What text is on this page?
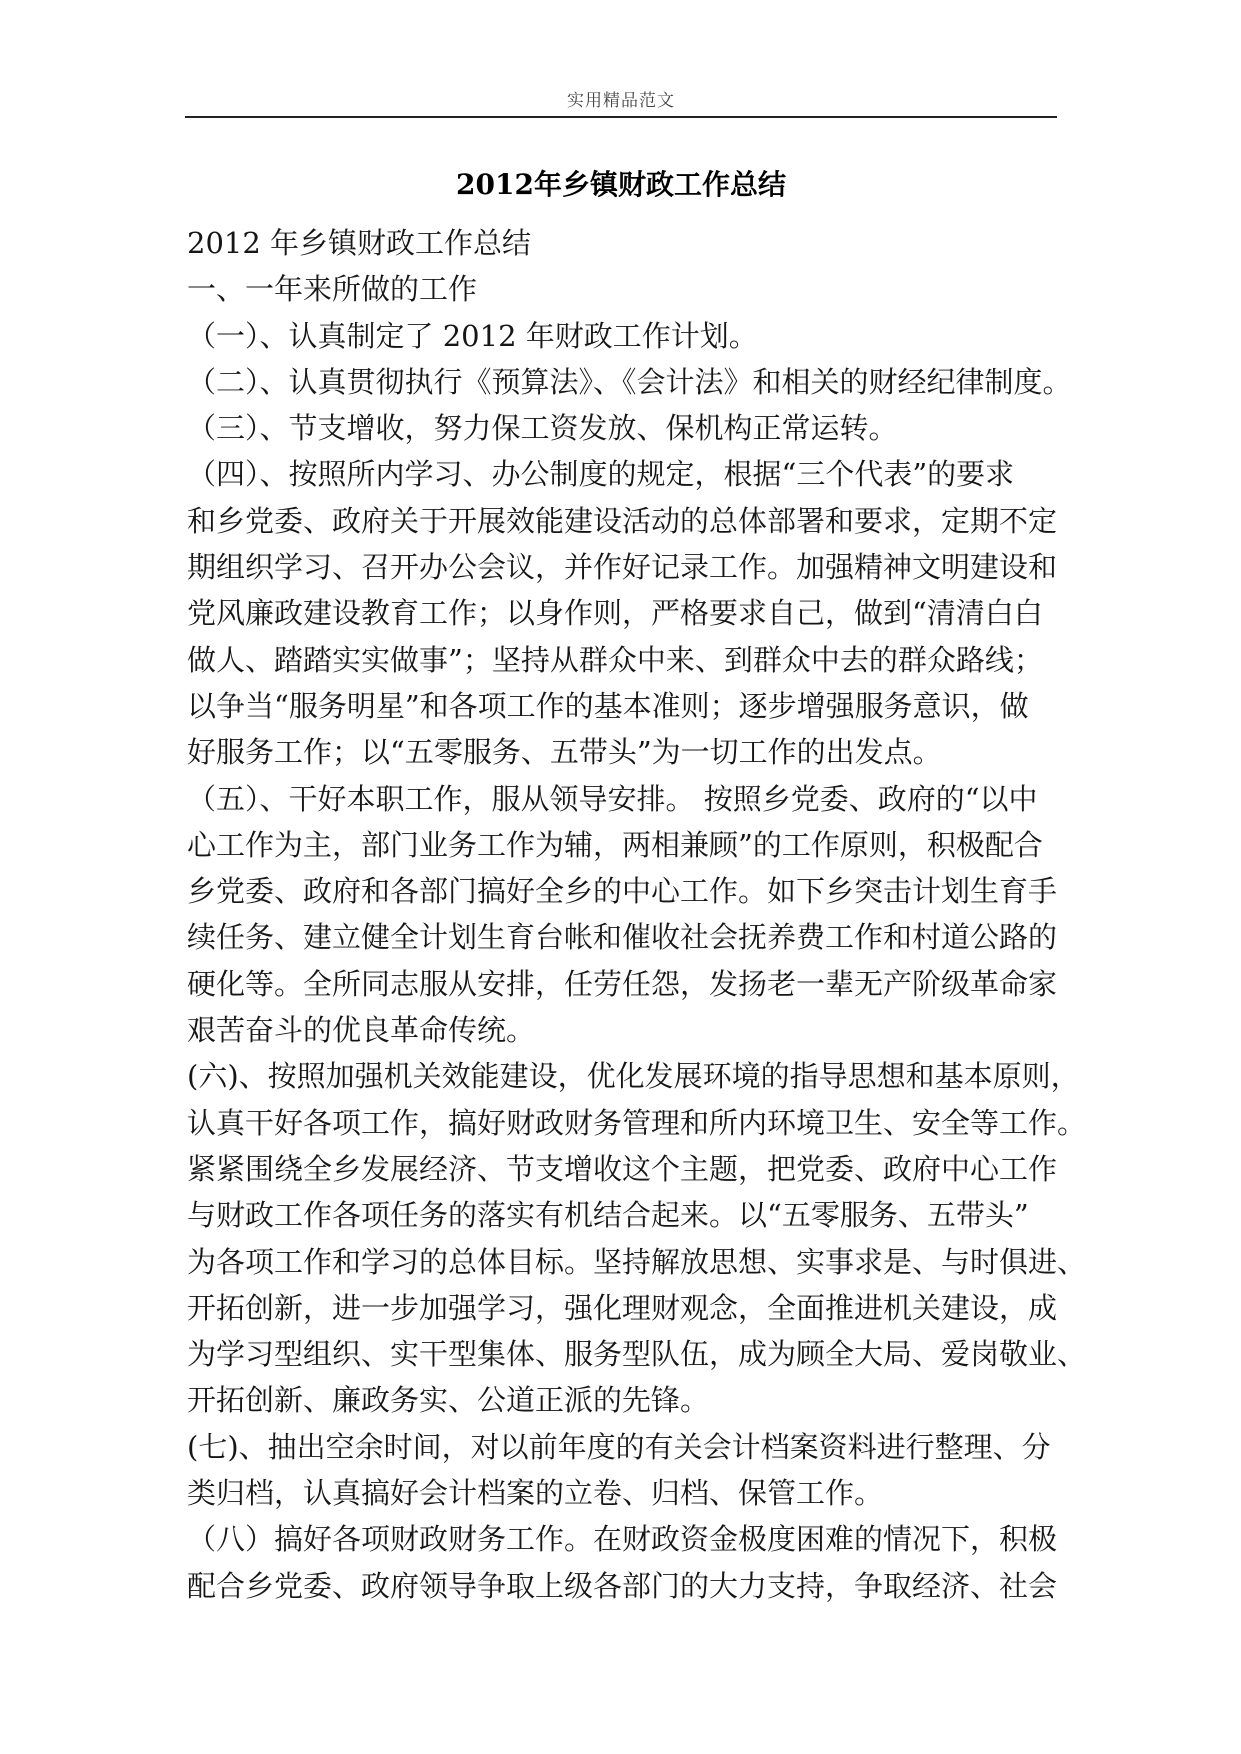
实用精品范文
2012年乡镇财政工作总结
2012 年乡镇财政工作总结
一、一年来所做的工作
（一）、认真制定了 2012 年财政工作计划。
（二）、认真贯彻执行《预算法》、《会计法》和相关的财经纪律制度。
（三）、节支增收，努力保工资发放、保机构正常运转。
（四）、按照所内学习、办公制度的规定，根据“三个代表”的要求
和乡党委、政府关于开展效能建设活动的总体部署和要求，定期不定
期组织学习、召开办公会议，并作好记录工作。加强精神文明建设和
党风廉政建设教育工作；以身作则，严格要求自己，做到“清清白白
做人、踏踏实实做事”；坚持从群众中来、到群众中去的群众路线；
以争当“服务明星”和各项工作的基本准则；逐步增强服务意识，做
好服务工作；以“五零服务、五带头”为一切工作的出发点。
（五）、干好本职工作，服从领导安排。 按照乡党委、政府的“以中
心工作为主，部门业务工作为辅，两相兼顾”的工作原则，积极配合
乡党委、政府和各部门搞好全乡的中心工作。如下乡突击计划生育手
续任务、建立健全计划生育台帐和催收社会抚养费工作和村道公路的
硬化等。全所同志服从安排，任劳任怨，发扬老一辈无产阶级革命家
艰苦奋斗的优良革命传统。
(六)、按照加强机关效能建设，优化发展环境的指导思想和基本原则，
认真干好各项工作，搞好财政财务管理和所内环境卫生、安全等工作。
紧紧围绕全乡发展经济、节支增收这个主题，把党委、政府中心工作
与财政工作各项任务的落实有机结合起来。以“五零服务、五带头”
为各项工作和学习的总体目标。坚持解放思想、实事求是、与时俱进、
开拓创新，进一步加强学习，强化理财观念，全面推进机关建设，成
为学习型组织、实干型集体、服务型队伍，成为顾全大局、爱岗敬业、
开拓创新、廉政务实、公道正派的先锋。
(七)、抽出空余时间，对以前年度的有关会计档案资料进行整理、分
类归档，认真搞好会计档案的立卷、归档、保管工作。
（八）搞好各项财政财务工作。在财政资金极度困难的情况下，积极
配合乡党委、政府领导争取上级各部门的大力支持，争取经济、社会
